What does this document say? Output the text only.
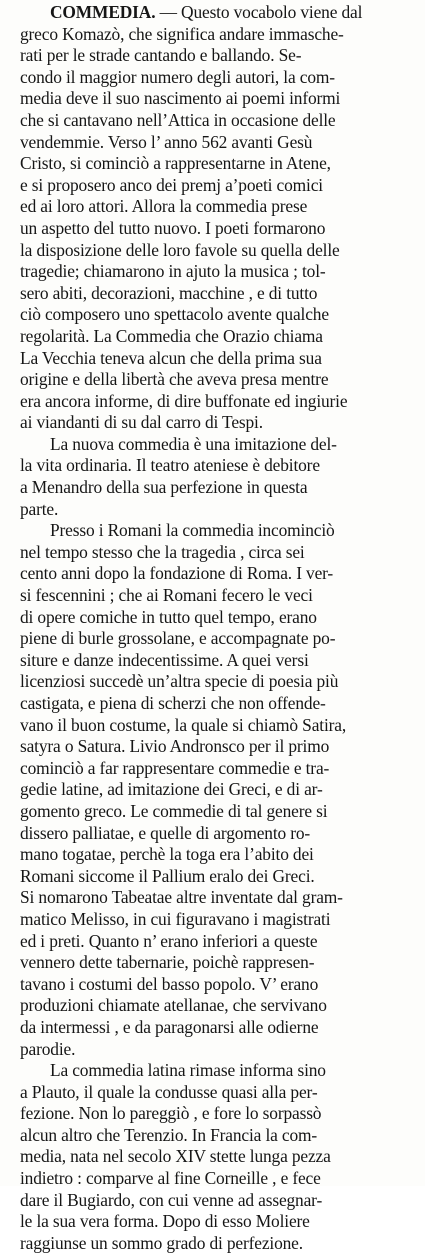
COMMEDIA. — Questo vocabolo viene dal
greco Komazò, che significa andare immasche-
rati per le strade cantando e ballando. Se-
condo il maggior numero degli autori, la com-
media deve il suo nascimento ai poemi informi
che si cantavano nell’Attica in occasione delle
vendemmie. Verso l’ anno 562 avanti Gesù
Cristo, si cominciò a rappresentarne in Atene,
e si proposero anco dei premj a’poeti comici
ed ai loro attori. Allora la commedia prese
un aspetto del tutto nuovo. I poeti formarono
la disposizione delle loro favole su quella delle
tragedie; chiamarono in ajuto la musica ; tol-
sero abiti, decorazioni, macchine , e di tutto
ciò composero uno spettacolo avente qualche
regolarità. La Commedia che Orazio chiama
La Vecchia teneva alcun che della prima sua
origine e della libertà che aveva presa mentre
era ancora informe, di dire buffonate ed ingiurie
ai viandanti di su dal carro di Tespi.
La nuova commedia è una imitazione del-
la vita ordinaria. Il teatro ateniese è debitore
a Menandro della sua perfezione in questa
parte.
Presso i Romani la commedia incominciò
nel tempo stesso che la tragedia , circa sei
cento anni dopo la fondazione di Roma. I ver-
si fescennini ; che ai Romani fecero le veci
di opere comiche in tutto quel tempo, erano
piene di burle grossolane, e accompagnate po-
siture e danze indecentissime. A quei versi
licenziosi succedè un’altra specie di poesia più
castigata, e piena di scherzi che non offende-
vano il buon costume, la quale si chiamò Satira,
satyra o Satura. Livio Andronsco per il primo
cominciò a far rappresentare commedie e tra-
gedie latine, ad imitazione dei Greci, e di ar-
gomento greco. Le commedie di tal genere si
dissero palliatae, e quelle di argomento ro-
mano togatae, perchè la toga era l’abito dei
Romani siccome il Pallium eralo dei Greci.
Si nomarono Tabeatae altre inventate dal gram-
matico Melisso, in cui figuravano i magistrati
ed i preti. Quanto n’ erano inferiori a queste
vennero dette tabernarie, poichè rappresen-
tavano i costumi del basso popolo. V’ erano
produzioni chiamate atellanae, che servivano
da intermessi , e da paragonarsi alle odierne
parodie.
La commedia latina rimase informa sino
a Plauto, il quale la condusse quasi alla per-
fezione. Non lo pareggiò , e fore lo sorpassò
alcun altro che Terenzio. In Francia la com-
media, nata nel secolo XIV stette lunga pezza
indietro : comparve al fine Corneille , e fece
dare il Bugiardo, con cui venne ad assegnar-
le la sua vera forma. Dopo di esso Moliere
raggiunse un sommo grado di perfezione.
